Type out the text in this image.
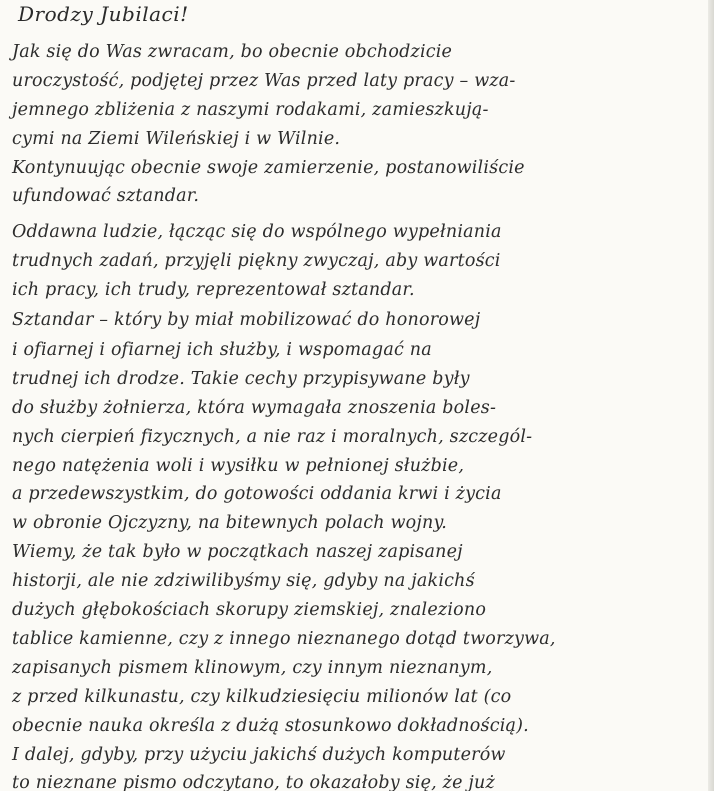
Drodzy Jubilaci!
Jak się do Was zwracam, bo obecnie obchodzicie
uroczystość, podjętej przez Was przed laty pracy – wza-
jemnego zbliżenia z naszymi rodakami, zamieszkują-
cymi na Ziemi Wileńskiej i w Wilnie.
Kontynuując obecnie swoje zamierzenie, postanowiliście
ufundować sztandar.
Oddawna ludzie, łącząc się do wspólnego wypełniania
trudnych zadań, przyjęli piękny zwyczaj, aby wartości
ich pracy, ich trudy, reprezentował sztandar.
Sztandar – który by miał mobilizować do honorowej
i ofiarnej i ofiarnej ich służby, i wspomagać na
trudnej ich drodze. Takie cechy przypisywane były
do służby żołnierza, która wymagała znoszenia boles-
nych cierpień fizycznych, a nie raz i moralnych, szczegól-
nego natężenia woli i wysiłku w pełnionej służbie,
a przedewszystkim, do gotowości oddania krwi i życia
w obronie Ojczyzny, na bitewnych polach wojny.
Wiemy, że tak było w początkach naszej zapisanej
historji, ale nie zdziwilibyśmy się, gdyby na jakichś
dużych głębokościach skorupy ziemskiej, znaleziono
tablice kamienne, czy z innego nieznanego dotąd tworzywa,
zapisanych pismem klinowym, czy innym nieznanym,
z przed kilkunastu, czy kilkudziesięciu milionów lat (co
obecnie nauka określa z dużą stosunkowo dokładnością).
I dalej, gdyby, przy użyciu jakichś dużych komputerów
to nieznane pismo odczytano, to okazałoby się, że już
